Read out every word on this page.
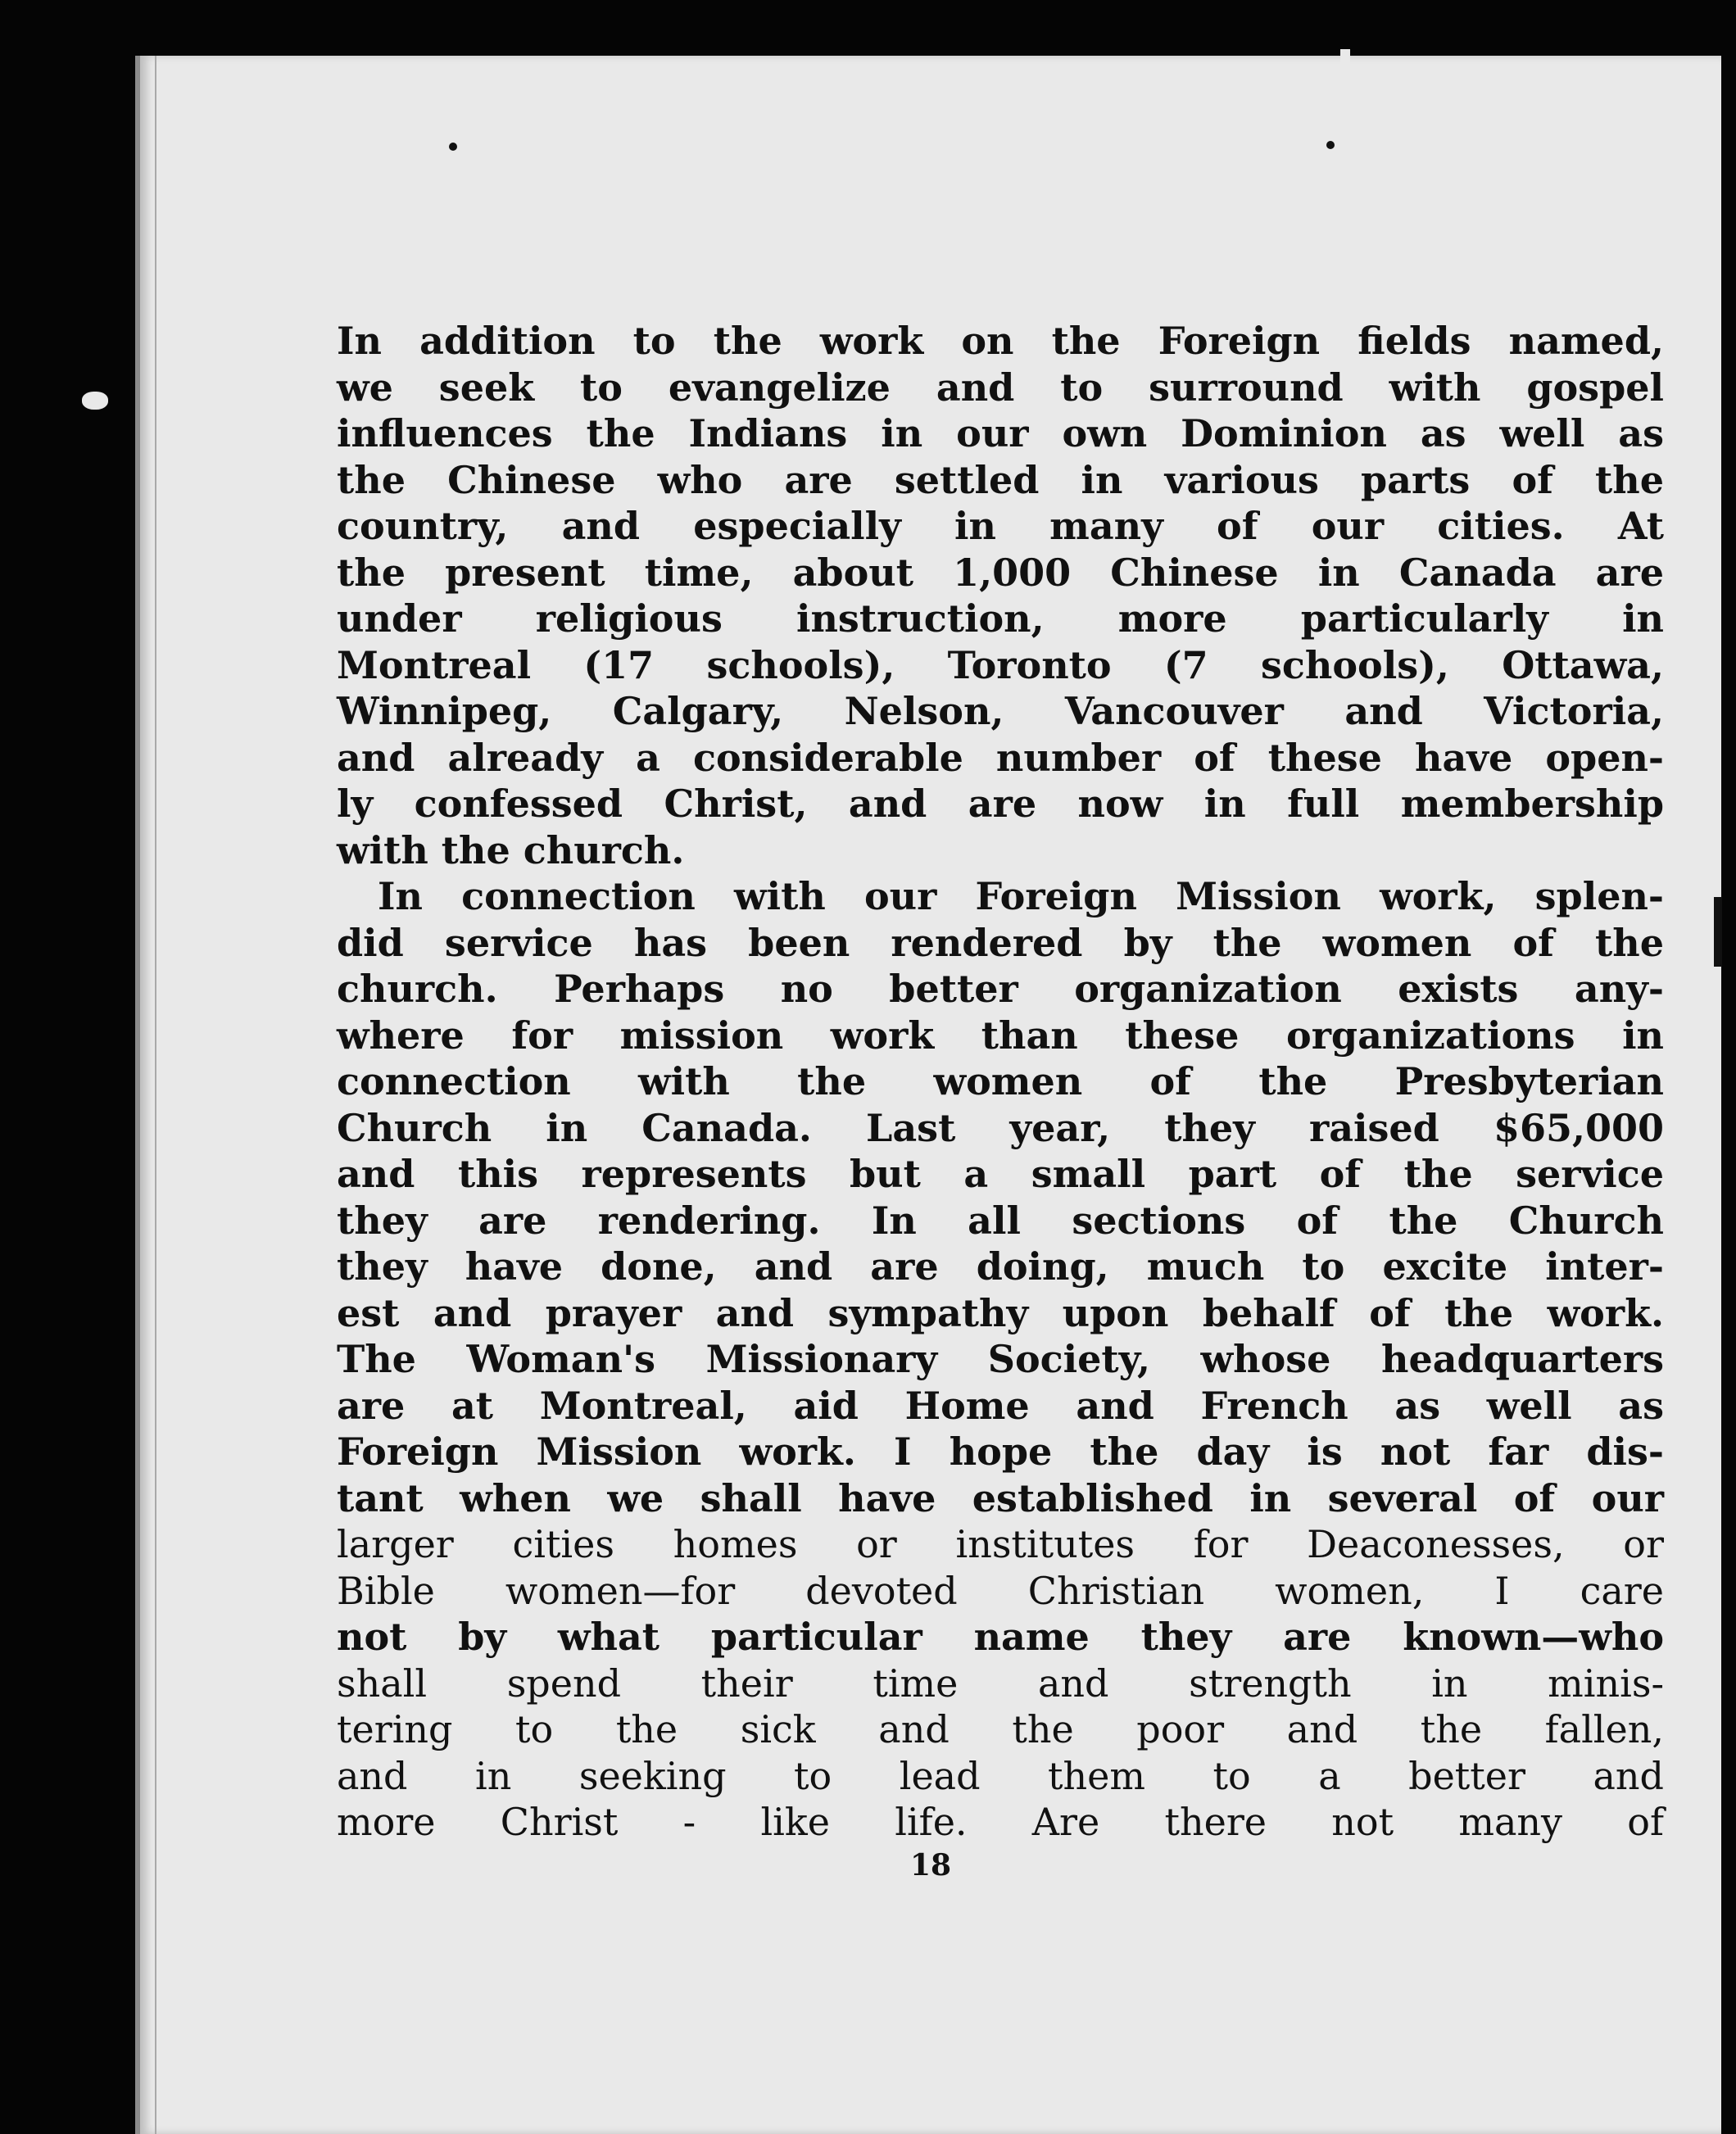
In addition to the work on the Foreign fields named,
we seek to evangelize and to surround with gospel
influences the Indians in our own Dominion as well as
the Chinese who are settled in various parts of the
country, and especially in many of our cities. At
the present time, about 1,000 Chinese in Canada are
under religious instruction, more particularly in
Montreal (17 schools), Toronto (7 schools), Ottawa,
Winnipeg, Calgary, Nelson, Vancouver and Victoria,
and already a considerable number of these have open-
ly confessed Christ, and are now in full membership
with the church.
In connection with our Foreign Mission work, splen-
did service has been rendered by the women of the
church. Perhaps no better organization exists any-
where for mission work than these organizations in
connection with the women of the Presbyterian
Church in Canada. Last year, they raised $65,000
and this represents but a small part of the service
they are rendering. In all sections of the Church
they have done, and are doing, much to excite inter-
est and prayer and sympathy upon behalf of the work.
The Woman's Missionary Society, whose headquarters
are at Montreal, aid Home and French as well as
Foreign Mission work. I hope the day is not far dis-
tant when we shall have established in several of our
larger cities homes or institutes for Deaconesses, or
Bible women—for devoted Christian women, I care
not by what particular name they are known—who
shall spend their time and strength in minis-
tering to the sick and the poor and the fallen,
and in seeking to lead them to a better and
more Christ - like life. Are there not many of
18
